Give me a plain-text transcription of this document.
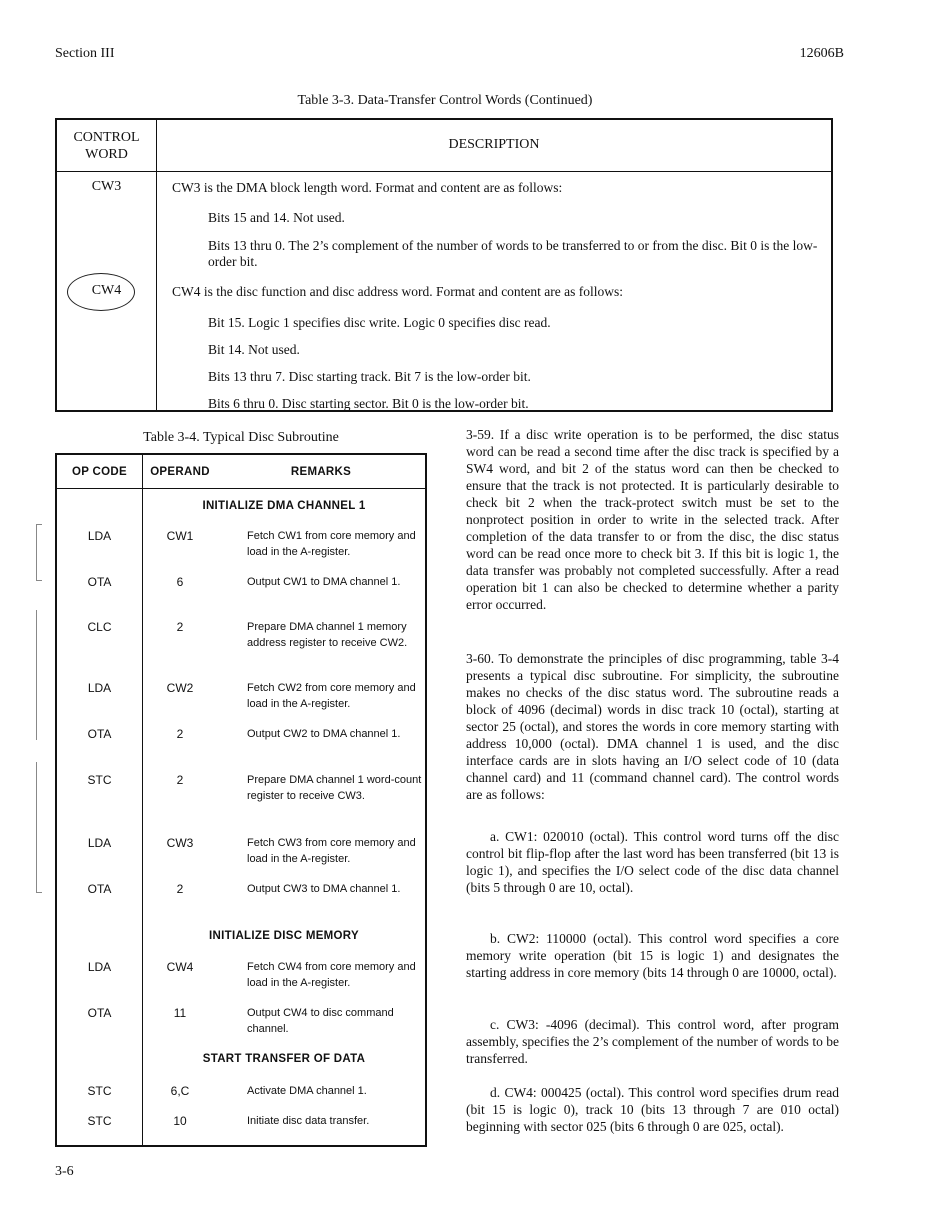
Section III	12606B
Table 3-3. Data-Transfer Control Words (Continued)
CONTROL
WORD
DESCRIPTION
CW3	CW3 is the DMA block length word. Format and content are as follows:
Bits 15 and 14. Not used.
Bits 13 thru 0. The 2’s complement of the number of words to be transferred to or from the disc. Bit 0 is the low-order bit.
CW4	CW4 is the disc function and disc address word. Format and content are as follows:
Bit 15. Logic 1 specifies disc write. Logic 0 specifies disc read.
Bit 14. Not used.
Bits 13 thru 7. Disc starting track. Bit 7 is the low-order bit.
Bits 6 thru 0. Disc starting sector. Bit 0 is the low-order bit.
Table 3-4. Typical Disc Subroutine
OP CODE	OPERAND	REMARKS
INITIALIZE DMA CHANNEL 1
LDA	CW1	Fetch CW1 from core memory and load in the A-register.
OTA	6	Output CW1 to DMA channel 1.
CLC	2	Prepare DMA channel 1 memory address register to receive CW2.
LDA	CW2	Fetch CW2 from core memory and load in the A-register.
OTA	2	Output CW2 to DMA channel 1.
STC	2	Prepare DMA channel 1 word-count register to receive CW3.
LDA	CW3	Fetch CW3 from core memory and load in the A-register.
OTA	2	Output CW3 to DMA channel 1.
INITIALIZE DISC MEMORY
LDA	CW4	Fetch CW4 from core memory and load in the A-register.
OTA	11	Output CW4 to disc command channel.
START TRANSFER OF DATA
STC	6,C	Activate DMA channel 1.
STC	10	Initiate disc data transfer.

3-59. If a disc write operation is to be performed, the disc status word can be read a second time after the disc track is specified by a SW4 word, and bit 2 of the status word can then be checked to ensure that the track is not protected. It is particularly desirable to check bit 2 when the track-protect switch must be set to the nonprotect position in order to write in the selected track. After completion of the data transfer to or from the disc, the disc status word can be read once more to check bit 3. If this bit is logic 1, the data transfer was probably not completed successfully. After a read operation bit 1 can also be checked to determine whether a parity error occurred.

3-60. To demonstrate the principles of disc programming, table 3-4 presents a typical disc subroutine. For simplicity, the subroutine makes no checks of the disc status word. The subroutine reads a block of 4096 (decimal) words in disc track 10 (octal), starting at sector 25 (octal), and stores the words in core memory starting with address 10,000 (octal). DMA channel 1 is used, and the disc interface cards are in slots having an I/O select code of 10 (data channel card) and 11 (command channel card). The control words are as follows:

a. CW1: 020010 (octal). This control word turns off the disc control bit flip-flop after the last word has been transferred (bit 13 is logic 1), and specifies the I/O select code of the disc data channel (bits 5 through 0 are 10, octal).

b. CW2: 110000 (octal). This control word specifies a core memory write operation (bit 15 is logic 1) and designates the starting address in core memory (bits 14 through 0 are 10000, octal).

c. CW3: -4096 (decimal). This control word, after program assembly, specifies the 2’s complement of the number of words to be transferred.

d. CW4: 000425 (octal). This control word specifies drum read (bit 15 is logic 0), track 10 (bits 13 through 7 are 010 octal) beginning with sector 025 (bits 6 through 0 are 025, octal).

3-6
